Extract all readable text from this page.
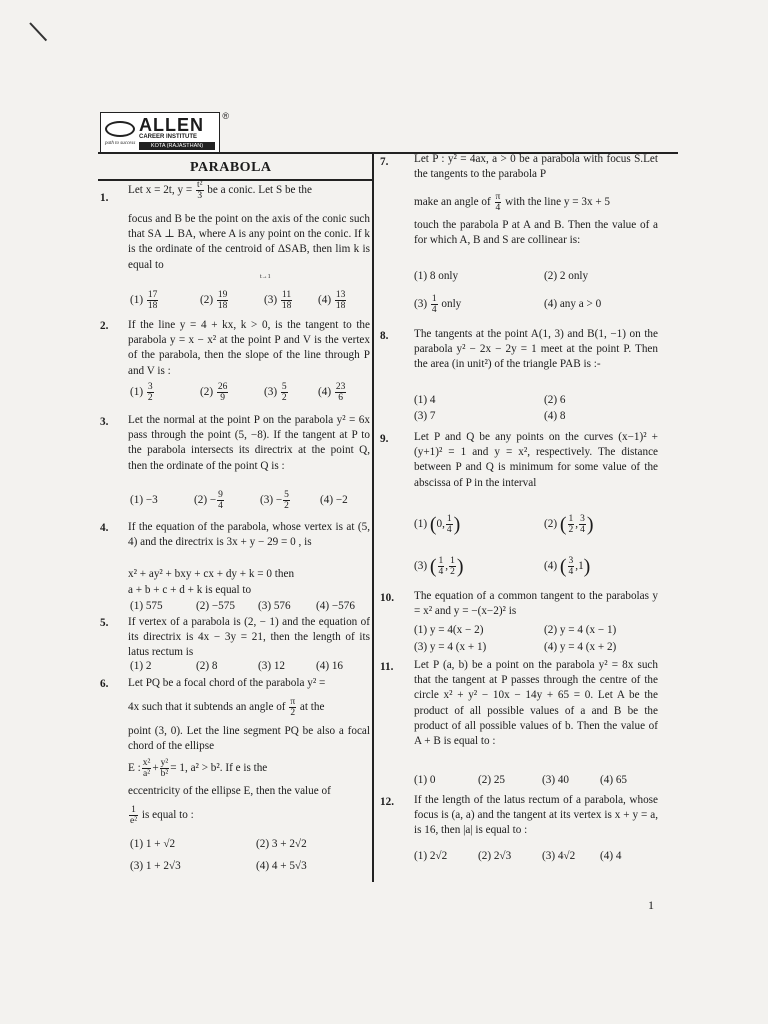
ALLEN ®
CAREER INSTITUTE
KOTA (RAJASTHAN)
path to success
PARABOLA
1.
Let x = 2t, $y = \frac{\text{t²}}{3}$ be a conic. Let S be the
focus and B be the point on the axis of the conic such that SA ⊥ BA, where A is any point on the conic. If k is the ordinate of the centroid of ΔSAB, then lim k is equal to
t→1
$(1) \frac{17}{18}$	$(2) \frac{19}{18}$	$(3) \frac{11}{18} (4) \frac{13}{18}$
2. If the line y = 4 + kx, k > 0, is the tangent to the parabola y = x − x² at the point P and V is the vertex of the parabola, then the slope of the line through P and V is :
$(1) \frac{3}{2}$	$(2) \frac{26}{9}$	$(3) \frac{5}{2}$	$(4) \frac{23}{6}$
3. Let the normal at the point P on the parabola y² = 6x pass through the point (5, −8). If the tangent at P to the parabola intersects its directrix at the point Q, then the ordinate of the point Q is :
(1) −3	$(2) - \frac{9}{4}$	$(3) - \frac{5}{2}$	(4) −2
4. If the equation of the parabola, whose vertex is at (5, 4) and the directrix is 3x + y − 29 = 0 , is
x² + ay² + bxy + cx + dy + k = 0 then
a + b + c + d + k is equal to
(1) 575	(2) −575 (3) 576 (4) −576
5. If vertex of a parabola is (2, − 1) and the equation of its directrix is 4x − 3y = 21, then the length of its latus rectum is
(1) 2	(2) 8	(3) 12	(4) 16
6. Let PQ be a focal chord of the parabola y² =
4x such that it subtends an angle of $\frac{\pi}{2}$ at the
point (3, 0). Let the line segment PQ be also a focal chord of the ellipse
E : $\frac{\text{x²}}{\text{a²}} + \frac{\text{y²}}{\text{b²}} = 1$, a² > b². If e is the
eccentricity of the ellipse E, then the value of
$\frac{1}{\text{e²}}$ is equal to :
(1) 1 + √2	(2) 3 + 2√2
(3) 1 + 2√3	(4) 4 + 5√3
7. Let P : y² = 4ax, a > 0 be a parabola with focus S.Let the tangents to the parabola P
make an angle of $\frac{\pi}{4}$ with the line y = 3x + 5
touch the parabola P at A and B. Then the value of a for which A, B and S are collinear is:
(1) 8 only	(2) 2 only
$(3) \frac{1}{4}$ only	(4) any a > 0
8. The tangents at the point A(1, 3) and B(1, −1) on the parabola y² − 2x − 2y = 1 meet at the point P. Then the area (in unit²) of the triangle PAB is :-
(1) 4	(2) 6
(3) 7	(4) 8
9. Let P and Q be any points on the curves (x−1)² + (y+1)² = 1 and y = x², respectively. The distance between P and Q is minimum for some value of the abscissa of P in the interval
(1) (0, $\frac{1}{4}$ )	(2) ( $\frac{1}{2}$ , $\frac{3}{4}$ )
(3) ( $\frac{1}{4}$ , $\frac{1}{2}$ )	(4) ( $\frac{3}{4} ,1$)
10. The equation of a common tangent to the parabolas y = x² and y = −(x−2)² is
(1) y = 4(x − 2)	(2) y = 4 (x − 1)
(3) y = 4 (x + 1)	(4) y = 4 (x + 2)
11. Let P (a, b) be a point on the parabola y² = 8x such that the tangent at P passes through the centre of the circle x² + y² − 10x − 14y + 65 = 0. Let A be the product of all possible values of a and B be the product of all possible values of b. Then the value of A + B is equal to :
(1) 0	(2) 25	(3) 40	(4) 65
12. If the length of the latus rectum of a parabola, whose focus is (a, a) and the tangent at its vertex is x + y = a, is 16, then |a| is equal to :
(1) 2√2	(2) 2√3	(3) 4√2 (4) 4
1
